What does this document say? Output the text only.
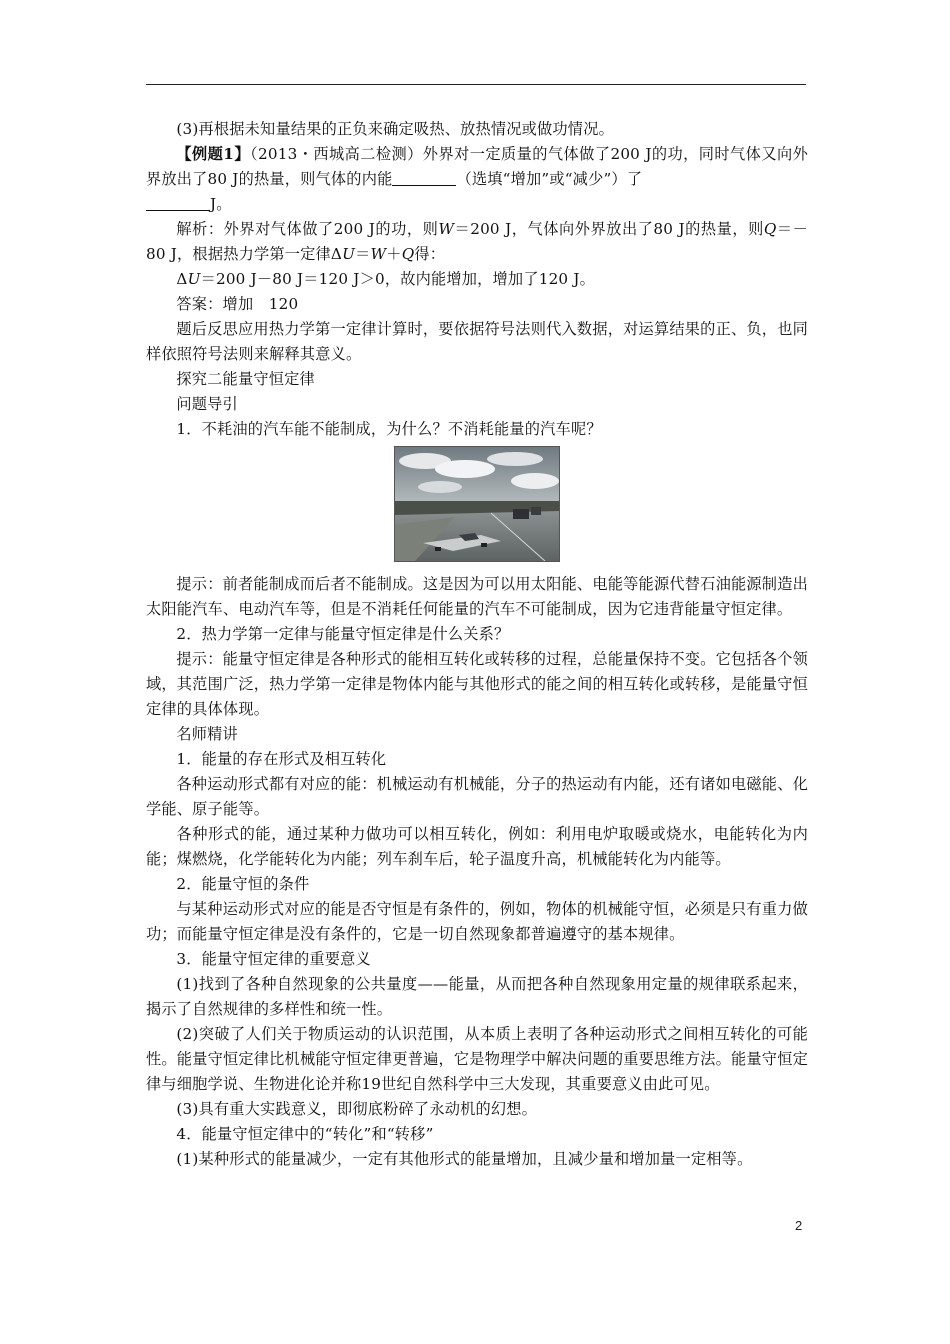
(3)再根据未知量结果的正负来确定吸热、放热情况或做功情况。

【例题1】（2013・西城高二检测）外界对一定质量的气体做了200 J的功，同时气体又向外界放出了80 J的热量，则气体的内能	（选填“增加”或“减少”）了
J。

解析：外界对气体做了200 J的功，则W＝200 J，气体向外界放出了80 J的热量，则Q＝－80 J，根据热力学第一定律ΔU＝W＋Q得：

ΔU＝200 J－80 J＝120 J＞0，故内能增加，增加了120 J。

答案：增加　120

题后反思应用热力学第一定律计算时，要依据符号法则代入数据，对运算结果的正、负，也同样依照符号法则来解释其意义。

探究二能量守恒定律

问题导引

1．不耗油的汽车能不能制成，为什么？不消耗能量的汽车呢？

提示：前者能制成而后者不能制成。这是因为可以用太阳能、电能等能源代替石油能源制造出太阳能汽车、电动汽车等，但是不消耗任何能量的汽车不可能制成，因为它违背能量守恒定律。

2．热力学第一定律与能量守恒定律是什么关系？

提示：能量守恒定律是各种形式的能相互转化或转移的过程，总能量保持不变。它包括各个领域，其范围广泛，热力学第一定律是物体内能与其他形式的能之间的相互转化或转移，是能量守恒定律的具体体现。

名师精讲

1．能量的存在形式及相互转化

各种运动形式都有对应的能：机械运动有机械能，分子的热运动有内能，还有诸如电磁能、化学能、原子能等。

各种形式的能，通过某种力做功可以相互转化，例如：利用电炉取暖或烧水，电能转化为内能；煤燃烧，化学能转化为内能；列车刹车后，轮子温度升高，机械能转化为内能等。

2．能量守恒的条件

与某种运动形式对应的能是否守恒是有条件的，例如，物体的机械能守恒，必须是只有重力做功；而能量守恒定律是没有条件的，它是一切自然现象都普遍遵守的基本规律。

3．能量守恒定律的重要意义

(1)找到了各种自然现象的公共量度——能量，从而把各种自然现象用定量的规律联系起来，揭示了自然规律的多样性和统一性。

(2)突破了人们关于物质运动的认识范围，从本质上表明了各种运动形式之间相互转化的可能性。能量守恒定律比机械能守恒定律更普遍，它是物理学中解决问题的重要思维方法。能量守恒定律与细胞学说、生物进化论并称19世纪自然科学中三大发现，其重要意义由此可见。

(3)具有重大实践意义，即彻底粉碎了永动机的幻想。

4．能量守恒定律中的“转化”和“转移”

(1)某种形式的能量减少，一定有其他形式的能量增加，且减少量和增加量一定相等。

2
